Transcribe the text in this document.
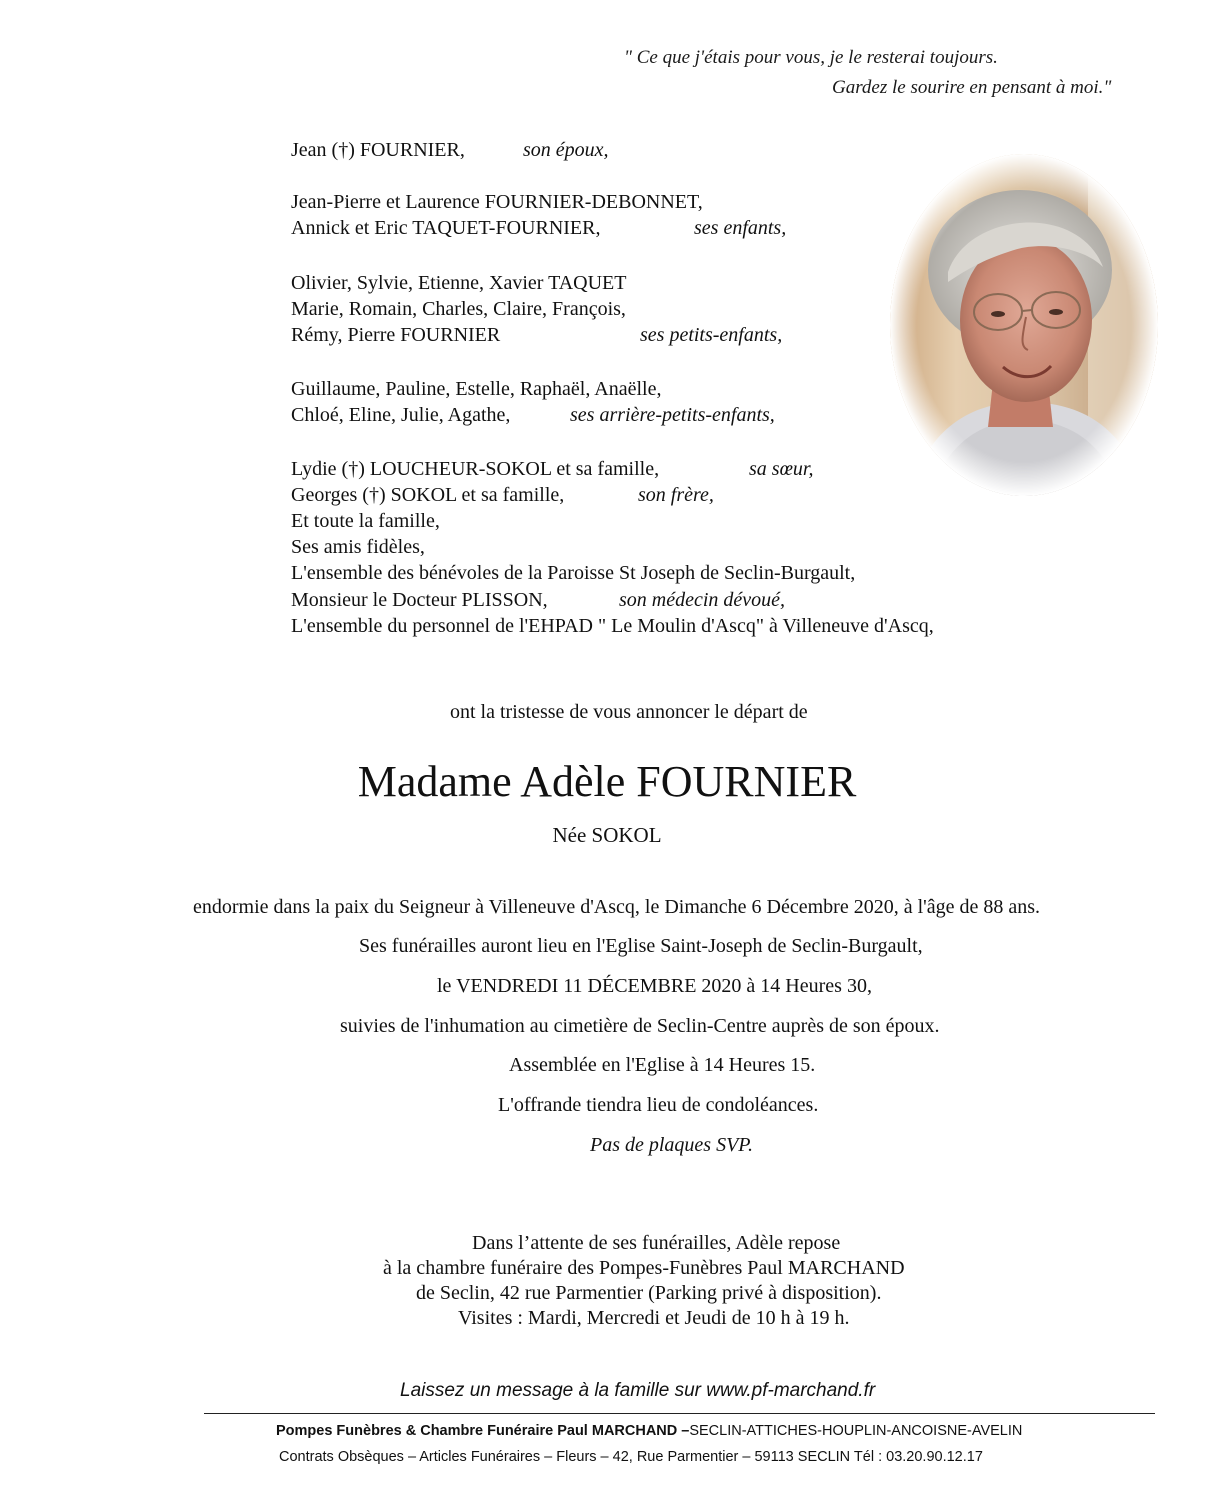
" Ce que j'étais pour vous, je le resterai toujours.
Gardez le sourire en pensant à moi."
Jean (†) FOURNIER,	son époux,
Jean-Pierre et Laurence FOURNIER-DEBONNET,
Annick et Eric TAQUET-FOURNIER,	ses enfants,
Olivier, Sylvie, Etienne, Xavier TAQUET
Marie, Romain, Charles, Claire, François,
Rémy, Pierre FOURNIER	ses petits-enfants,
Guillaume, Pauline, Estelle, Raphaël, Anaëlle,
Chloé, Eline, Julie, Agathe,	ses arrière-petits-enfants,
Lydie (†) LOUCHEUR-SOKOL et sa famille,	sa sœur,
Georges (†) SOKOL et sa famille,	son frère,
Et toute la famille,
Ses amis fidèles,
L'ensemble des bénévoles de la Paroisse St Joseph de Seclin-Burgault,
Monsieur le Docteur PLISSON,	son médecin dévoué,
L'ensemble du personnel de l'EHPAD " Le Moulin d'Ascq" à Villeneuve d'Ascq,
ont la tristesse de vous annoncer le départ de
Madame Adèle FOURNIER
Née SOKOL
endormie dans la paix du Seigneur à Villeneuve d'Ascq, le Dimanche 6 Décembre 2020, à l'âge de 88 ans.
Ses funérailles auront lieu en l'Eglise Saint-Joseph de Seclin-Burgault,
le VENDREDI 11 DÉCEMBRE 2020 à 14 Heures 30,
suivies de l'inhumation au cimetière de Seclin-Centre auprès de son époux.
Assemblée en l'Eglise à 14 Heures 15.
L'offrande tiendra lieu de condoléances.
Pas de plaques SVP.
Dans l’attente de ses funérailles, Adèle repose
à la chambre funéraire des Pompes-Funèbres Paul MARCHAND
de Seclin, 42 rue Parmentier (Parking privé à disposition).
Visites : Mardi, Mercredi et Jeudi de 10 h à 19 h.
Laissez un message à la famille sur www.pf-marchand.fr
Pompes Funèbres & Chambre Funéraire Paul MARCHAND –SECLIN-ATTICHES-HOUPLIN-ANCOISNE-AVELIN
Contrats Obsèques – Articles Funéraires – Fleurs – 42, Rue Parmentier – 59113 SECLIN Tél : 03.20.90.12.17
